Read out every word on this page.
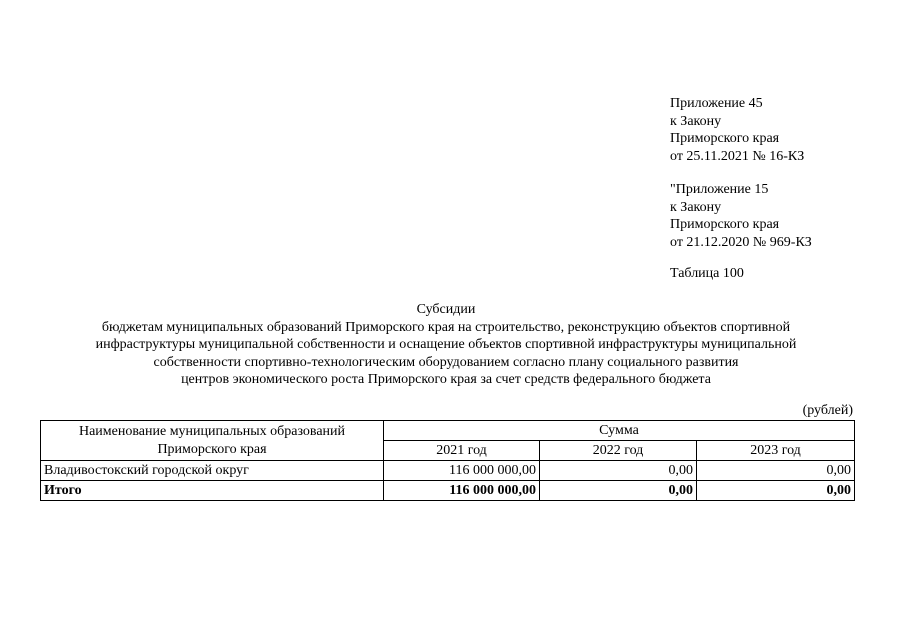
Приложение 45
к Закону
Приморского края
от 25.11.2021 № 16-КЗ
"Приложение 15
к Закону
Приморского края
от 21.12.2020 № 969-КЗ
Таблица 100
Субсидии
бюджетам муниципальных образований Приморского края на строительство, реконструкцию объектов спортивной
инфраструктуры муниципальной собственности и оснащение объектов спортивной инфраструктуры муниципальной
собственности спортивно-технологическим оборудованием согласно плану социального развития
центров экономического роста Приморского края за счет средств федерального бюджета
(рублей)
Наименование муниципальных образований
Приморского края	Сумма		
	2021 год	2022 год	2023 год
Владивостокский городской округ	116 000 000,00	0,00	0,00
Итого	116 000 000,00	0,00	0,00
